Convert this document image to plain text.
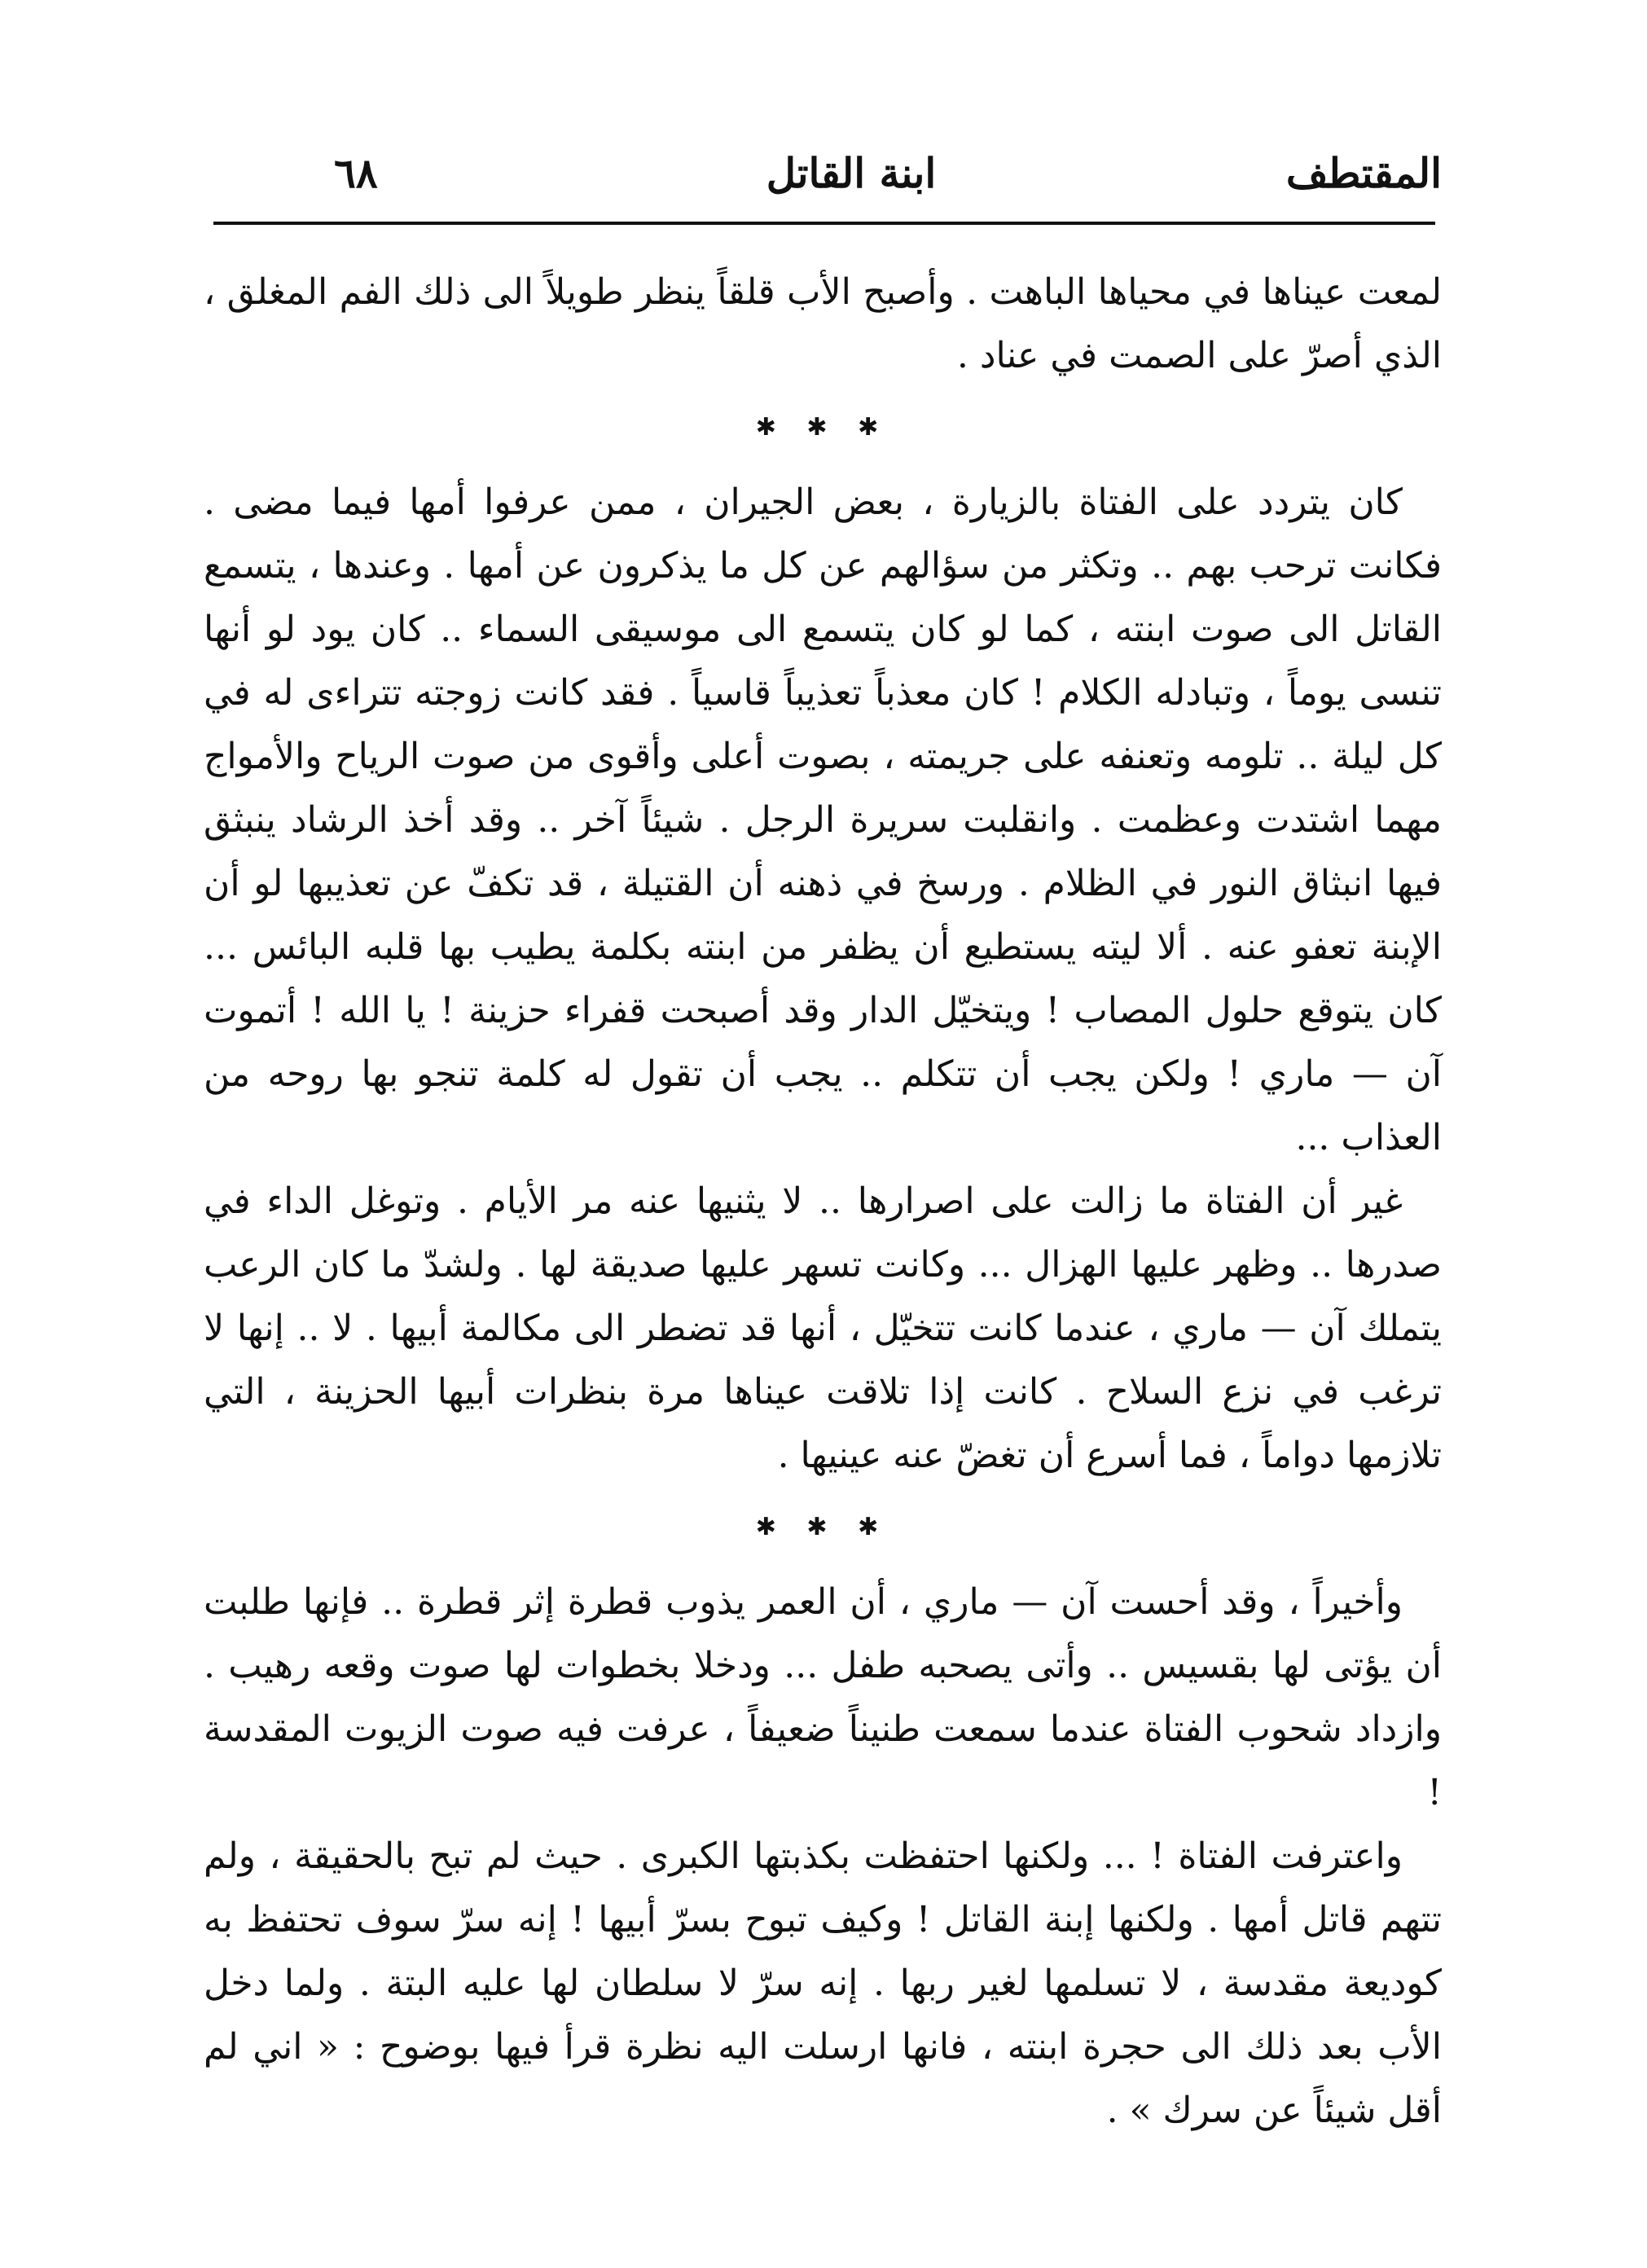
المقتطف
ابنة القاتل
٦٨

لمعت عيناها في محياها الباهت . وأصبح الأب قلقاً ينظر طويلاً الى ذلك الفم المغلق ، الذي أصرّ على الصمت في عناد .

✱ ✱ ✱

كان يتردد على الفتاة بالزيارة ، بعض الجيران ، ممن عرفوا أمها فيما مضى . فكانت ترحب بهم .. وتكثر من سؤالهم عن كل ما يذكرون عن أمها . وعندها ، يتسمع القاتل الى صوت ابنته ، كما لو كان يتسمع الى موسيقى السماء .. كان يود لو أنها تنسى يوماً ، وتبادله الكلام ! كان معذباً تعذيباً قاسياً . فقد كانت زوجته تتراءى له في كل ليلة .. تلومه وتعنفه على جريمته ، بصوت أعلى وأقوى من صوت الرياح والأمواج مهما اشتدت وعظمت . وانقلبت سريرة الرجل . شيئاً آخر .. وقد أخذ الرشاد ينبثق فيها انبثاق النور في الظلام . ورسخ في ذهنه أن القتيلة ، قد تكفّ عن تعذيبها لو أن الإبنة تعفو عنه . ألا ليته يستطيع أن يظفر من ابنته بكلمة يطيب بها قلبه البائس ... كان يتوقع حلول المصاب ! ويتخيّل الدار وقد أصبحت قفراء حزينة ! يا الله ! أتموت آن — ماري ! ولكن يجب أن تتكلم .. يجب أن تقول له كلمة تنجو بها روحه من العذاب ...

غير أن الفتاة ما زالت على اصرارها .. لا يثنيها عنه مر الأيام . وتوغل الداء في صدرها .. وظهر عليها الهزال ... وكانت تسهر عليها صديقة لها . ولشدّ ما كان الرعب يتملك آن — ماري ، عندما كانت تتخيّل ، أنها قد تضطر الى مكالمة أبيها . لا .. إنها لا ترغب في نزع السلاح . كانت إذا تلاقت عيناها مرة بنظرات أبيها الحزينة ، التي تلازمها دواماً ، فما أسرع أن تغضّ عنه عينيها .

✱ ✱ ✱

وأخيراً ، وقد أحست آن — ماري ، أن العمر يذوب قطرة إثر قطرة .. فإنها طلبت أن يؤتى لها بقسيس .. وأتى يصحبه طفل ... ودخلا بخطوات لها صوت وقعه رهيب . وازداد شحوب الفتاة عندما سمعت طنيناً ضعيفاً ، عرفت فيه صوت الزيوت المقدسة !

واعترفت الفتاة ! ... ولكنها احتفظت بكذبتها الكبرى . حيث لم تبح بالحقيقة ، ولم تتهم قاتل أمها . ولكنها إبنة القاتل ! وكيف تبوح بسرّ أبيها ! إنه سرّ سوف تحتفظ به كوديعة مقدسة ، لا تسلمها لغير ربها . إنه سرّ لا سلطان لها عليه البتة . ولما دخل الأب بعد ذلك الى حجرة ابنته ، فانها ارسلت اليه نظرة قرأ فيها بوضوح : « اني لم أقل شيئاً عن سرك » .
